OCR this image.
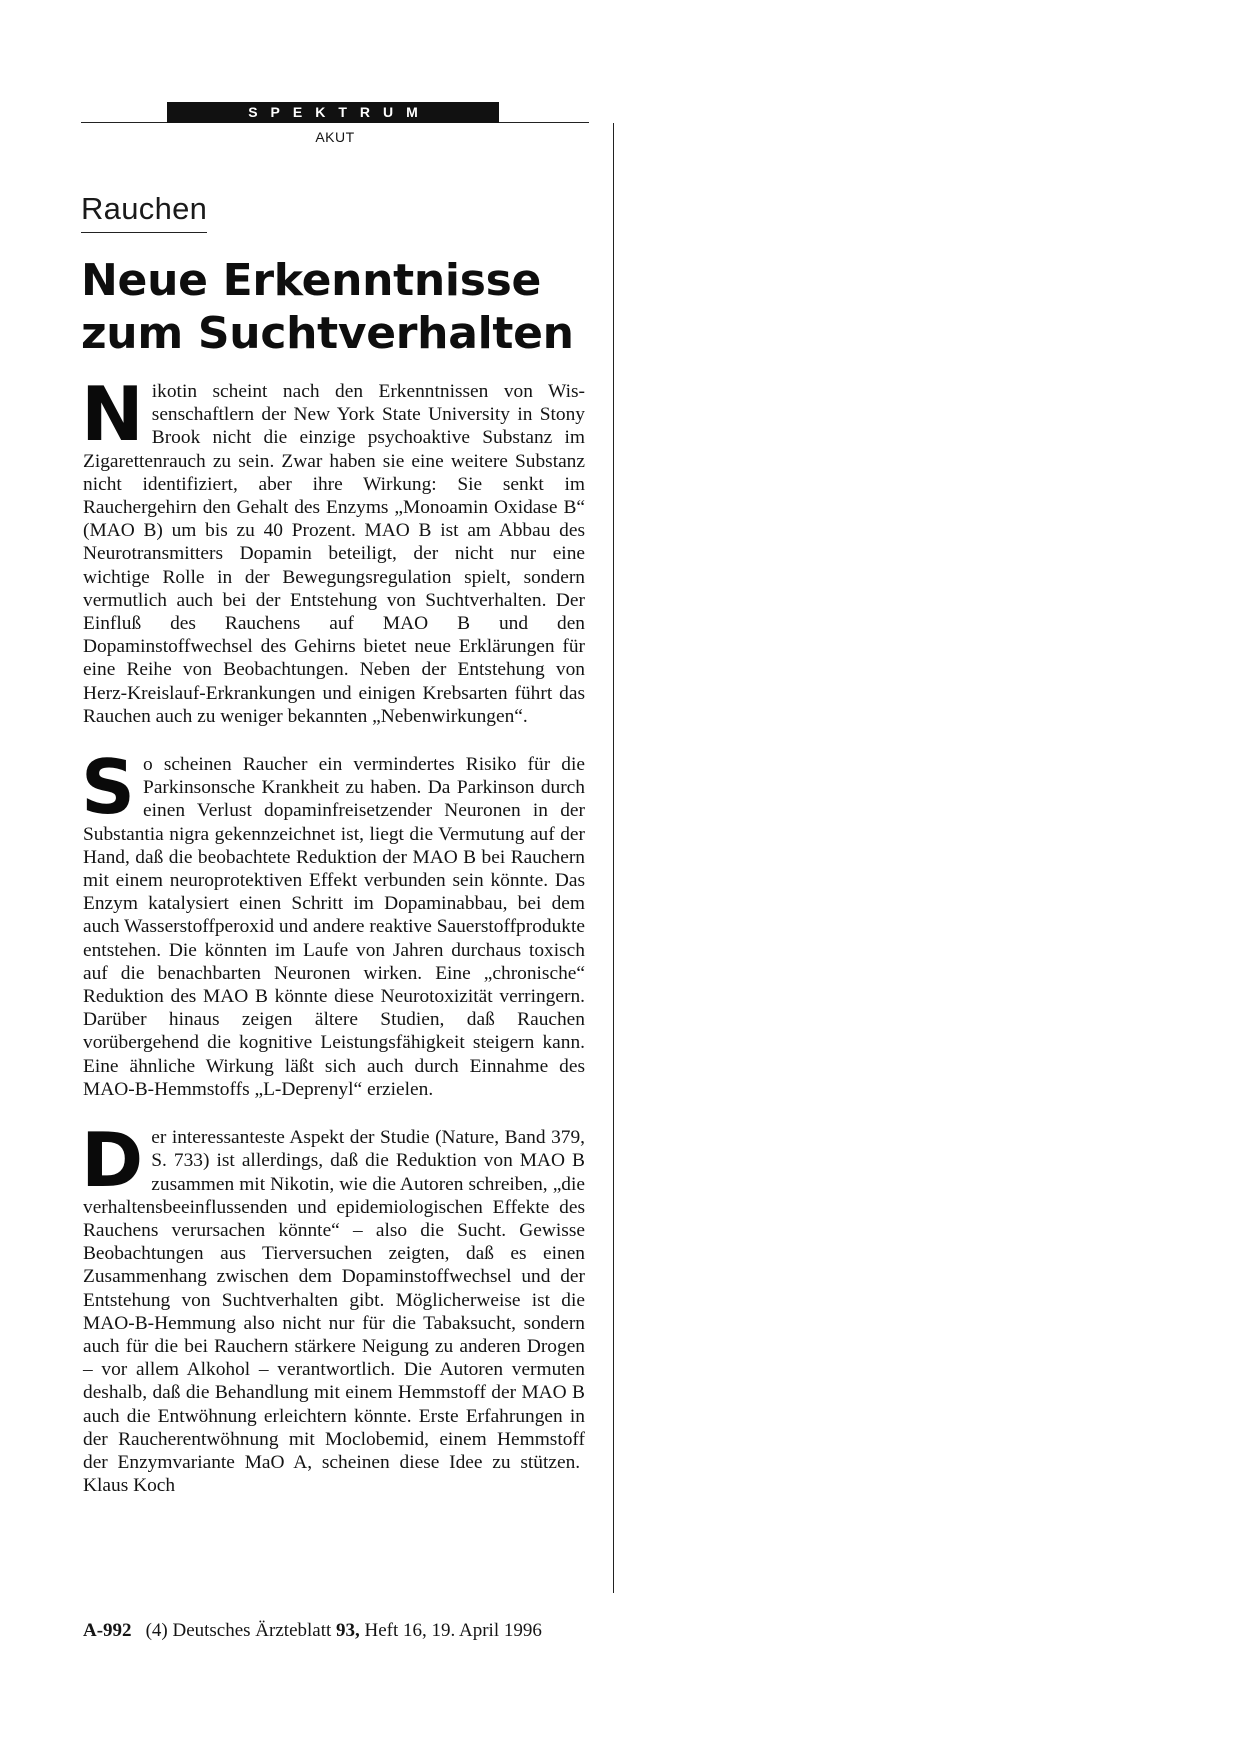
SPEKTRUM
AKUT
Rauchen
Neue Erkenntnisse
zum Suchtverhalten

Nikotin scheint nach den Erkenntnissen von Wissenschaftlern der New York State University in Stony Brook nicht die einzige psychoaktive Substanz im Zigarettenrauch zu sein. Zwar haben sie eine weitere Substanz nicht identifiziert, aber ihre Wirkung: Sie senkt im Rauchergehirn den Gehalt des Enzyms „Monoamin Oxidase B“ (MAO B) um bis zu 40 Prozent. MAO B ist am Abbau des Neurotransmitters Dopamin beteiligt, der nicht nur eine wichtige Rolle in der Bewegungsregulation spielt, sondern vermutlich auch bei der Entstehung von Suchtverhalten. Der Einfluß des Rauchens auf MAO B und den Dopaminstoffwechsel des Gehirns bietet neue Erklärungen für eine Reihe von Beobachtungen. Neben der Entstehung von Herz-Kreislauf-Erkrankungen und einigen Krebsarten führt das Rauchen auch zu weniger bekannten „Nebenwirkungen“.

So scheinen Raucher ein vermindertes Risiko für die Parkinsonsche Krankheit zu haben. Da Parkinson durch einen Verlust dopaminfreisetzender Neuronen in der Substantia nigra gekennzeichnet ist, liegt die Vermutung auf der Hand, daß die beobachtete Reduktion der MAO B bei Rauchern mit einem neuroprotektiven Effekt verbunden sein könnte. Das Enzym katalysiert einen Schritt im Dopaminabbau, bei dem auch Wasserstoffperoxid und andere reaktive Sauerstoffprodukte entstehen. Die könnten im Laufe von Jahren durchaus toxisch auf die benachbarten Neuronen wirken. Eine „chronische“ Reduktion des MAO B könnte diese Neurotoxizität verringern. Darüber hinaus zeigen ältere Studien, daß Rauchen vorübergehend die kognitive Leistungsfähigkeit steigern kann. Eine ähnliche Wirkung läßt sich auch durch Einnahme des MAO-B-Hemmstoffs „L-Deprenyl“ erzielen.

Der interessanteste Aspekt der Studie (Nature, Band 379, S. 733) ist allerdings, daß die Reduktion von MAO B zusammen mit Nikotin, wie die Autoren schreiben, „die verhaltensbeeinflussenden und epidemiologischen Effekte des Rauchens verursachen könnte“ – also die Sucht. Gewisse Beobachtungen aus Tierversuchen zeigten, daß es einen Zusammenhang zwischen dem Dopaminstoffwechsel und der Entstehung von Suchtverhalten gibt. Möglicherweise ist die MAO-B-Hemmung also nicht nur für die Tabaksucht, sondern auch für die bei Rauchern stärkere Neigung zu anderen Drogen – vor allem Alkohol – verantwortlich. Die Autoren vermuten deshalb, daß die Behandlung mit einem Hemmstoff der MAO B auch die Entwöhnung erleichtern könnte. Erste Erfahrungen in der Raucherentwöhnung mit Moclobemid, einem Hemmstoff der Enzymvariante MaO A, scheinen diese Idee zu stützen.  Klaus Koch

A-992 (4) Deutsches Ärzteblatt 93, Heft 16, 19. April 1996
